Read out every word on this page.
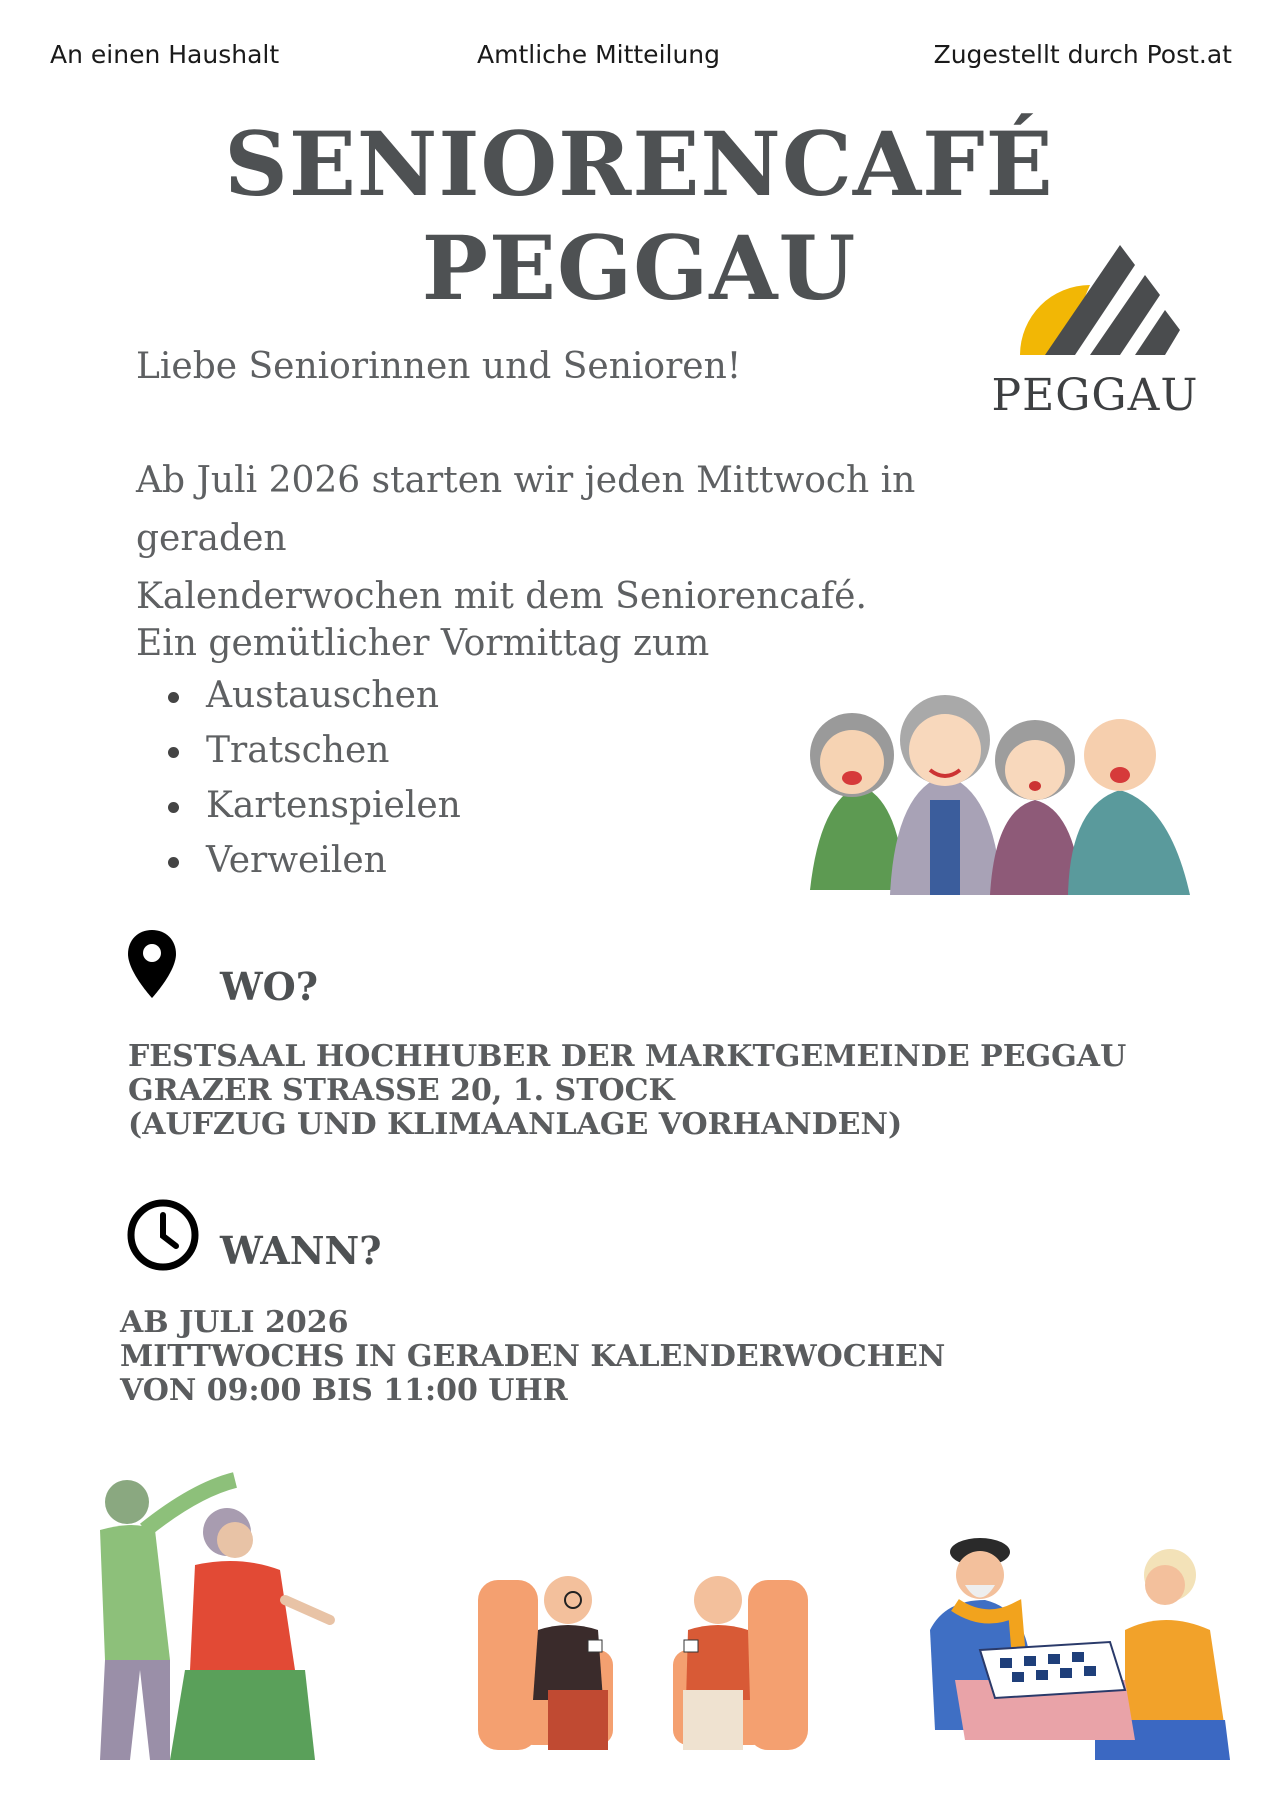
An einen Haushalt	Amtliche Mitteilung	Zugestellt durch Post.at
SENIORENCAFÉ PEGGAU
PEGGAU
Liebe Seniorinnen und Senioren!
Ab Juli 2026 starten wir jeden Mittwoch in geraden
Kalenderwochen mit dem Seniorencafé.
Ein gemütlicher Vormittag zum
Austauschen
Tratschen
Kartenspielen
Verweilen
WO?
FESTSAAL HOCHHUBER DER MARKTGEMEINDE PEGGAU
GRAZER STRASSE 20, 1. STOCK
(AUFZUG UND KLIMAANLAGE VORHANDEN)
WANN?
AB JULI 2026
MITTWOCHS IN GERADEN KALENDERWOCHEN
VON 09:00 BIS 11:00 UHR
